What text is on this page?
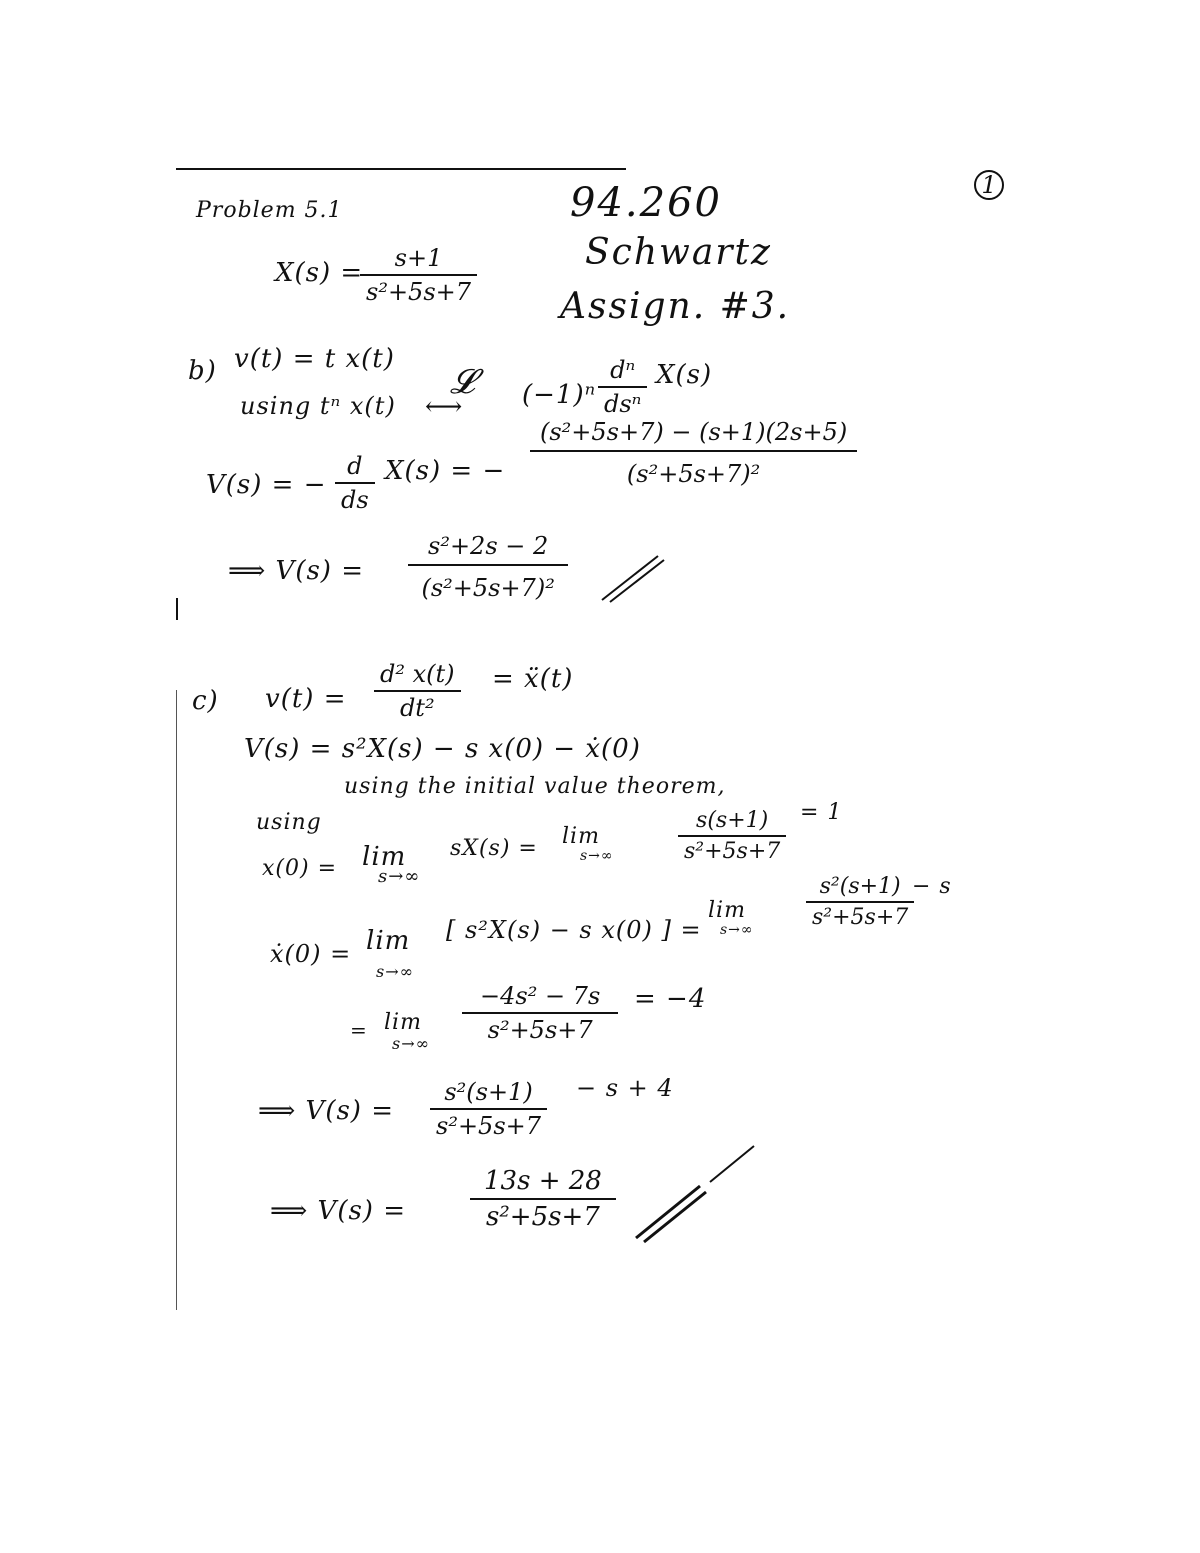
1
94.260
Schwartz
Assign. #3.
Problem 5.1
X(s) =
$\frac{s+1}{\text{s²+5s+7}}$
b) v(t) = t x(t)
using tⁿ x(t)
𝓛
⟷ (−1)ⁿ
dⁿ
dsⁿ
X(s)
V(s) = − $\frac{d}{ds} X(s)$ = − $\frac{\text{(s²+5s+7) − (s+1)(2s+5)}}{\text{(s²+5s+7)²}}$
⟹ $V(s) = \frac{\text{s²+2s − 2}}{\text{(s²+5s+7)²}}$
c) $v(t) = \frac{\text{d² x(t)}}{\text{dt²}}$ = ẍ(t)
V(s) = s²X(s) − s x(0) − ẋ(0)
using the initial value theorem,
using
x(0) = lim
s→∞
sX(s) = lim
s→∞	$\frac{s(s+1)}{\text{s²+5s+7}} = 1$
ẋ(0) = lim
s→∞
[ s²X(s) − s x(0) ] =
lim
$s\to\infty \frac{\text{s²(s+1)}}{\text{s²+5s+7}}$
− s
= lim
$s\to\infty \frac{\text{−4s² − 7s}}{\text{s²+5s+7}} = -4$
⟹ $V(s) = \frac{\text{s²(s+1)}}{\text{s²+5s+7}} - s + 4$
⟹ $V(s) = \frac{13s + 28}{\text{s²+5s+7}}$
